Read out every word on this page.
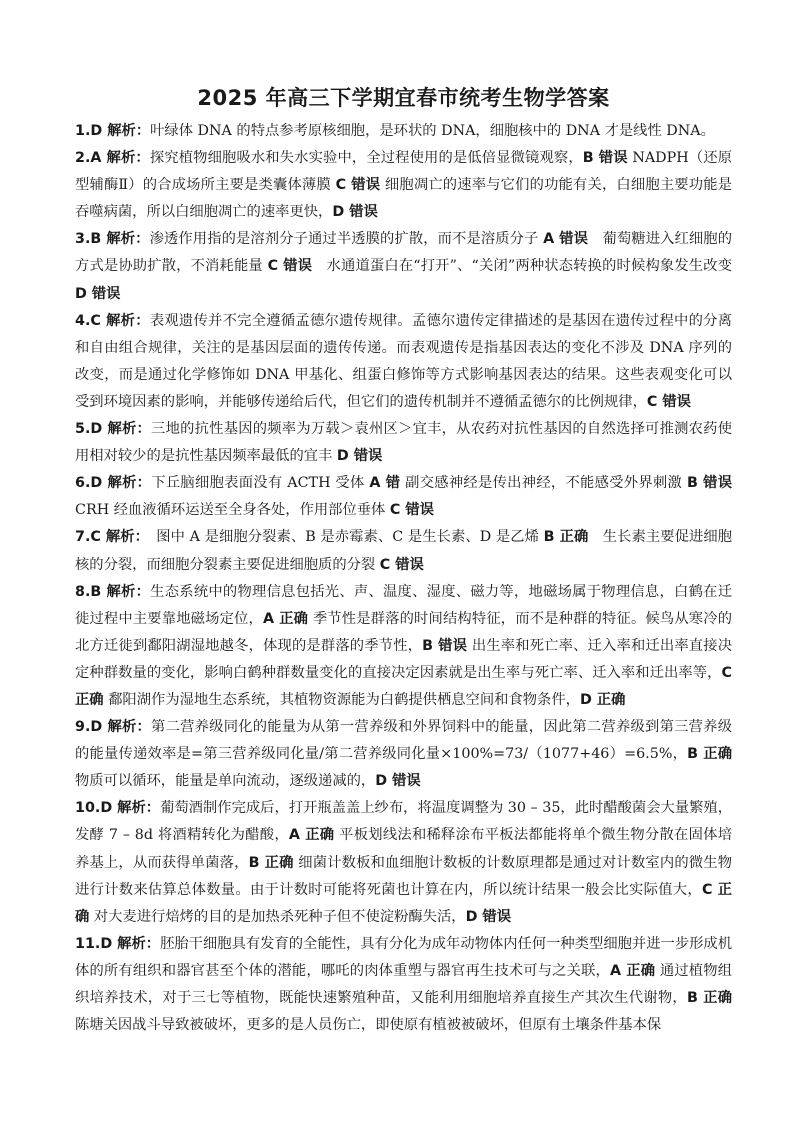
2025 年高三下学期宜春市统考生物学答案

1.D 解析：叶绿体 DNA 的特点参考原核细胞，是环状的 DNA，细胞核中的 DNA 才是线性 DNA。

2.A 解析：探究植物细胞吸水和失水实验中，全过程使用的是低倍显微镜观察，B 错误 NADPH（还原型辅酶Ⅱ）的合成场所主要是类囊体薄膜 C 错误 细胞凋亡的速率与它们的功能有关，白细胞主要功能是吞噬病菌，所以白细胞凋亡的速率更快，D 错误

3.B 解析：渗透作用指的是溶剂分子通过半透膜的扩散，而不是溶质分子 A 错误　葡萄糖进入红细胞的方式是协助扩散，不消耗能量 C 错误　水通道蛋白在“打开”、“关闭”两种状态转换的时候构象发生改变 D 错误

4.C 解析：表观遗传并不完全遵循孟德尔遗传规律。孟德尔遗传定律描述的是基因在遗传过程中的分离和自由组合规律，关注的是基因层面的遗传传递。而表观遗传是指基因表达的变化不涉及 DNA 序列的改变，而是通过化学修饰如 DNA 甲基化、组蛋白修饰等方式影响基因表达的结果。这些表观变化可以受到环境因素的影响，并能够传递给后代，但它们的遗传机制并不遵循孟德尔的比例规律，C 错误

5.D 解析：三地的抗性基因的频率为万载＞袁州区＞宜丰，从农药对抗性基因的自然选择可推测农药使用相对较少的是抗性基因频率最低的宜丰 D 错误

6.D 解析：下丘脑细胞表面没有 ACTH 受体 A 错 副交感神经是传出神经，不能感受外界刺激 B 错误 CRH 经血液循环运送至全身各处，作用部位垂体 C 错误

7.C 解析：　图中 A 是细胞分裂素、B 是赤霉素、C 是生长素、D 是乙烯 B 正确　生长素主要促进细胞核的分裂，而细胞分裂素主要促进细胞质的分裂 C 错误

8.B 解析：生态系统中的物理信息包括光、声、温度、湿度、磁力等，地磁场属于物理信息，白鹤在迁徙过程中主要靠地磁场定位，A 正确 季节性是群落的时间结构特征，而不是种群的特征。候鸟从寒冷的北方迁徙到鄱阳湖湿地越冬，体现的是群落的季节性，B 错误 出生率和死亡率、迁入率和迁出率直接决定种群数量的变化，影响白鹤种群数量变化的直接决定因素就是出生率与死亡率、迁入率和迁出率等，C 正确 鄱阳湖作为湿地生态系统，其植物资源能为白鹤提供栖息空间和食物条件，D 正确

9.D 解析：第二营养级同化的能量为从第一营养级和外界饲料中的能量，因此第二营养级到第三营养级的能量传递效率是=第三营养级同化量/第二营养级同化量×100%=73/（1077+46）=6.5%，B 正确 物质可以循环，能量是单向流动，逐级递减的，D 错误

10.D 解析：葡萄酒制作完成后，打开瓶盖盖上纱布，将温度调整为 30 – 35，此时醋酸菌会大量繁殖，发酵 7 – 8d 将酒精转化为醋酸，A 正确 平板划线法和稀释涂布平板法都能将单个微生物分散在固体培养基上，从而获得单菌落，B 正确 细菌计数板和血细胞计数板的计数原理都是通过对计数室内的微生物进行计数来估算总体数量。由于计数时可能将死菌也计算在内，所以统计结果一般会比实际值大，C 正确 对大麦进行焙烤的目的是加热杀死种子但不使淀粉酶失活，D 错误

11.D 解析：胚胎干细胞具有发育的全能性，具有分化为成年动物体内任何一种类型细胞并进一步形成机体的所有组织和器官甚至个体的潜能，哪吒的肉体重塑与器官再生技术可与之关联，A 正确 通过植物组织培养技术，对于三七等植物，既能快速繁殖种苗，又能利用细胞培养直接生产其次生代谢物，B 正确 陈塘关因战斗导致被破坏，更多的是人员伤亡，即使原有植被被破坏，但原有土壤条件基本保
